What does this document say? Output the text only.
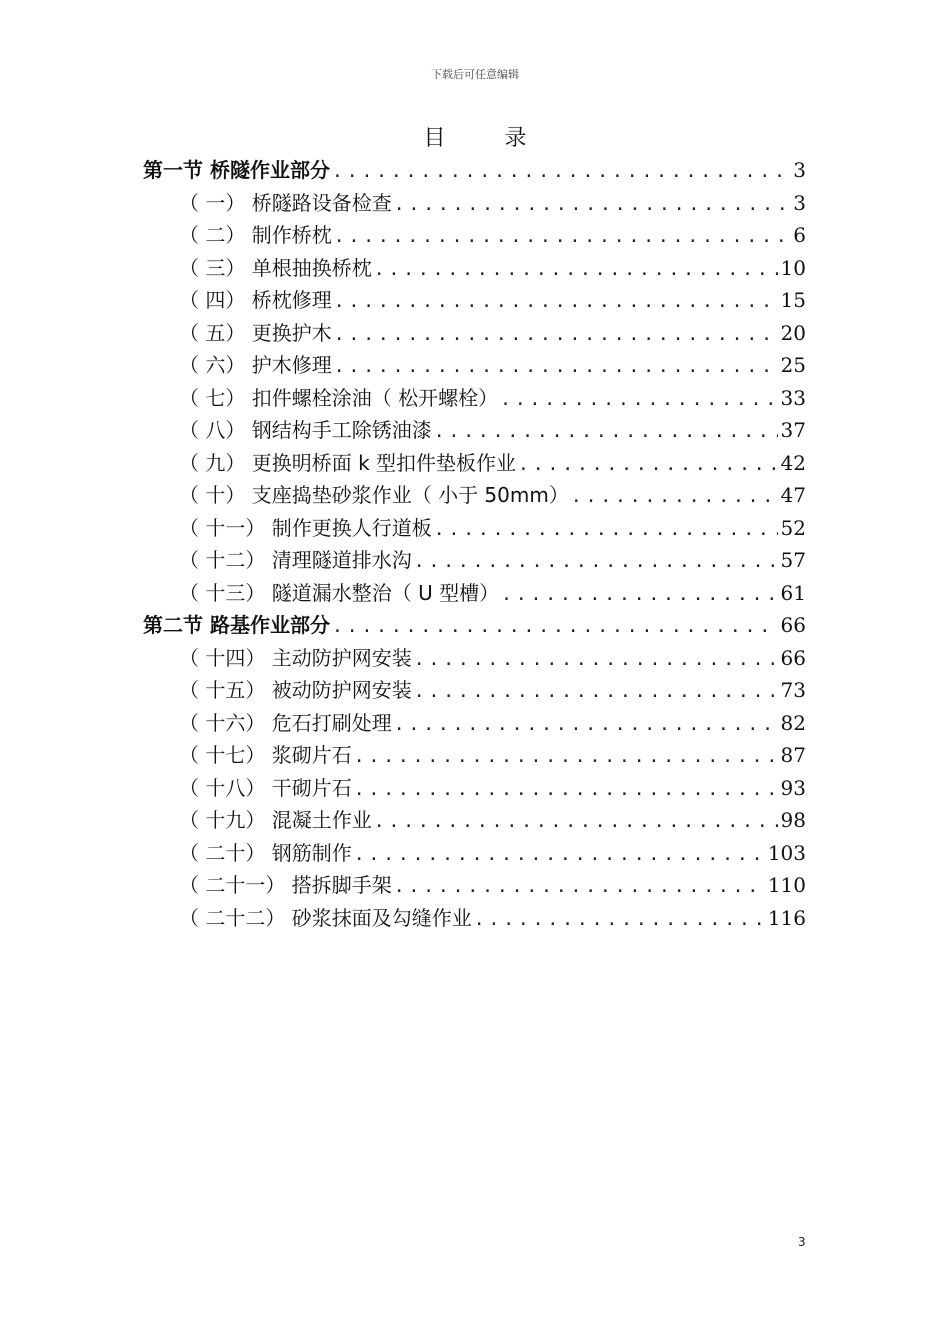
下载后可任意编辑
目 录
第一节 桥隧作业部分 .....	3
（ 一） 桥隧路设备检查 .....	3
（ 二） 制作桥枕 .....	6
（ 三） 单根抽换桥枕 .....	10
（ 四） 桥枕修理 .....	15
（ 五） 更换护木 .....	20
（ 六） 护木修理 .....	25
（ 七） 扣件螺栓涂油（ 松开螺栓） .....	33
（ 八） 钢结构手工除锈油漆 .....	37
（ 九） 更换明桥面 k 型扣件垫板作业 .....	42
（ 十） 支座捣垫砂浆作业（ 小于 50mm） .....	47
（ 十一） 制作更换人行道板 .....	52
（ 十二） 清理隧道排水沟 .....	57
（ 十三） 隧道漏水整治（ U 型槽） .....	61
第二节 路基作业部分 .....	66
（ 十四） 主动防护网安装 .....	66
（ 十五） 被动防护网安装 .....	73
（ 十六） 危石打刷处理 .....	82
（ 十七） 浆砌片石 .....	87
（ 十八） 干砌片石 .....	93
（ 十九） 混凝土作业 .....	98
（ 二十） 钢筋制作 .....	103
（ 二十一） 搭拆脚手架 .....	110
（ 二十二） 砂浆抹面及勾缝作业 .....	116
3
